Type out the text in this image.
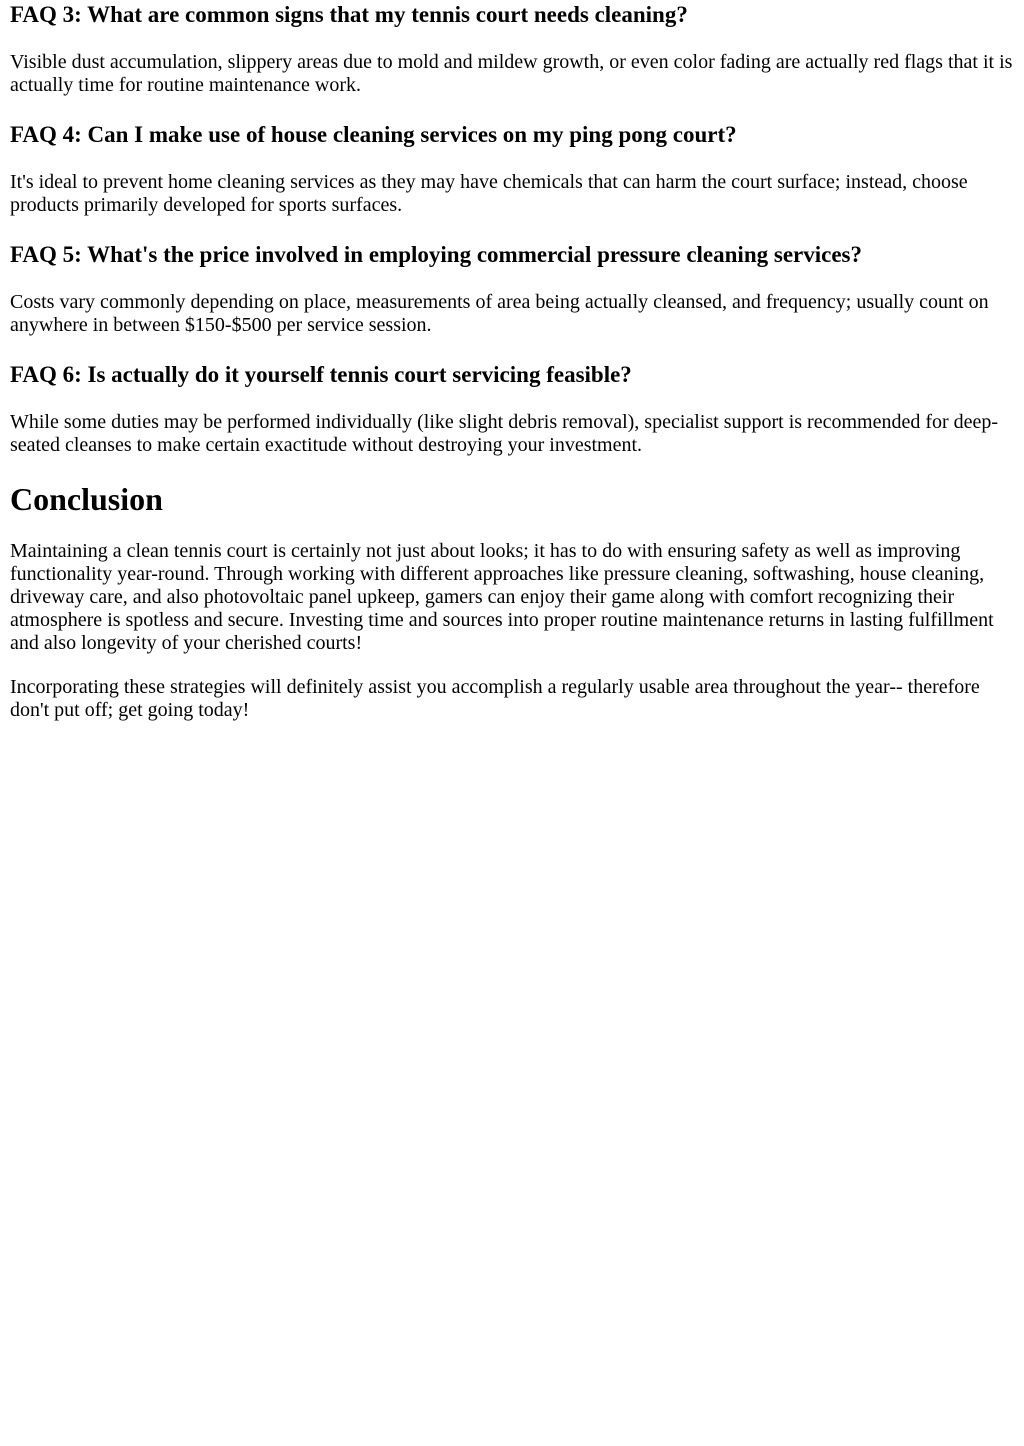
FAQ 3: What are common signs that my tennis court needs cleaning?

Visible dust accumulation, slippery areas due to mold and mildew growth, or even color fading are actually red flags that it is actually time for routine maintenance work.

FAQ 4: Can I make use of house cleaning services on my ping pong court?

It's ideal to prevent home cleaning services as they may have chemicals that can harm the court surface; instead, choose products primarily developed for sports surfaces.

FAQ 5: What's the price involved in employing commercial pressure cleaning services?

Costs vary commonly depending on place, measurements of area being actually cleansed, and frequency; usually count on anywhere in between $150-$500 per service session.

FAQ 6: Is actually do it yourself tennis court servicing feasible?

While some duties may be performed individually (like slight debris removal), specialist support is recommended for deep-seated cleanses to make certain exactitude without destroying your investment.

Conclusion

Maintaining a clean tennis court is certainly not just about looks; it has to do with ensuring safety as well as improving functionality year-round. Through working with different approaches like pressure cleaning, softwashing, house cleaning, driveway care, and also photovoltaic panel upkeep, gamers can enjoy their game along with comfort recognizing their atmosphere is spotless and secure. Investing time and sources into proper routine maintenance returns in lasting fulfillment and also longevity of your cherished courts!

Incorporating these strategies will definitely assist you accomplish a regularly usable area throughout the year-- therefore don't put off; get going today!
